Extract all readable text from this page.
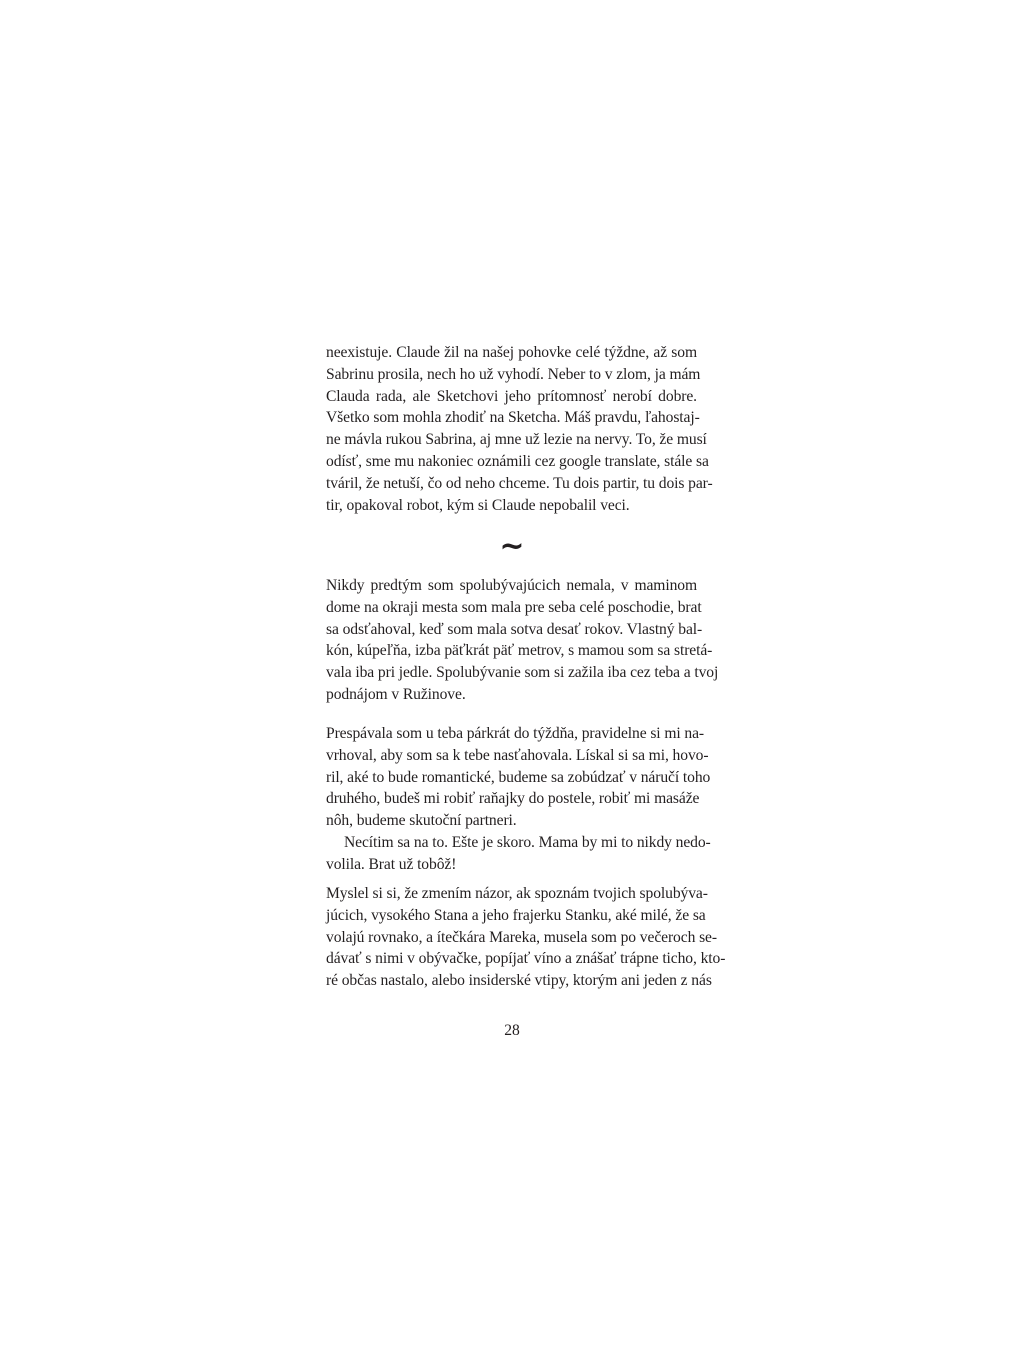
neexistuje. Claude žil na našej pohovke celé týždne, až som
Sabrinu prosila, nech ho už vyhodí. Neber to v zlom, ja mám
Clauda rada, ale Sketchovi jeho prítomnosť nerobí dobre.
Všetko som mohla zhodiť na Sketcha. Máš pravdu, ľahostaj-
ne mávla rukou Sabrina, aj mne už lezie na nervy. To, že musí
odísť, sme mu nakoniec oznámili cez google translate, stále sa
tváril, že netuší, čo od neho chceme. Tu dois partir, tu dois par-
tir, opakoval robot, kým si Claude nepobalil veci.
~
Nikdy predtým som spolubývajúcich nemala, v maminom
dome na okraji mesta som mala pre seba celé poschodie, brat
sa odsťahoval, keď som mala sotva desať rokov. Vlastný bal-
kón, kúpeľňa, izba päťkrát päť metrov, s mamou som sa stretá-
vala iba pri jedle. Spolubývanie som si zažila iba cez teba a tvoj
podnájom v Ružinove.
Prespávala som u teba párkrát do týždňa, pravidelne si mi na-
vrhoval, aby som sa k tebe nasťahovala. Lískal si sa mi, hovo-
ril, aké to bude romantické, budeme sa zobúdzať v náručí toho
druhého, budeš mi robiť raňajky do postele, robiť mi masáže
nôh, budeme skutoční partneri.
Necítim sa na to. Ešte je skoro. Mama by mi to nikdy nedo-
volila. Brat už tobôž!
Myslel si si, že zmením názor, ak spoznám tvojich spolubýva-
júcich, vysokého Stana a jeho frajerku Stanku, aké milé, že sa
volajú rovnako, a ítečkára Mareka, musela som po večeroch se-
dávať s nimi v obývačke, popíjať víno a znášať trápne ticho, kto-
ré občas nastalo, alebo insiderské vtipy, ktorým ani jeden z nás
28
